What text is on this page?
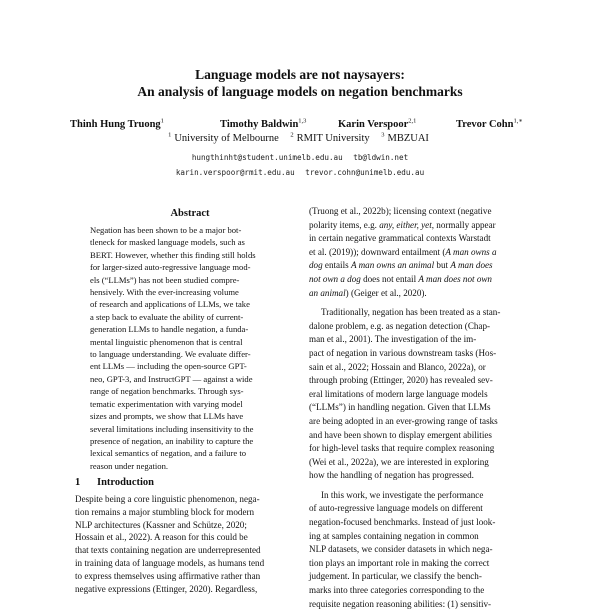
Language models are not naysayers:
An analysis of language models on negation benchmarks
Thinh Hung Truong$^1$	Timothy Baldwin$^{1,3}$	Karin Verspoor$^{2,1}$	Trevor Cohn$^{1,∗}$
$^1$ University of Melbourne $^2$ RMIT University $^3$ MBZUAI
hungthinht@student.unimelb.edu.au tb@ldwin.net
karin.verspoor@rmit.edu.au trevor.cohn@unimelb.edu.au
Abstract
Negation has been shown to be a major bot-
tleneck for masked language models, such as
BERT. However, whether this finding still holds
for larger-sized auto-regressive language mod-
els (“LLMs”) has not been studied compre-
hensively. With the ever-increasing volume
of research and applications of LLMs, we take
a step back to evaluate the ability of current-
generation LLMs to handle negation, a funda-
mental linguistic phenomenon that is central
to language understanding. We evaluate differ-
ent LLMs — including the open-source GPT-
neo, GPT-3, and InstructGPT — against a wide
range of negation benchmarks. Through sys-
tematic experimentation with varying model
sizes and prompts, we show that LLMs have
several limitations including insensitivity to the
presence of negation, an inability to capture the
lexical semantics of negation, and a failure to
reason under negation.
1 Introduction
Despite being a core linguistic phenomenon, nega-
tion remains a major stumbling block for modern
NLP architectures (Kassner and Schütze, 2020;
Hossain et al., 2022). A reason for this could be
that texts containing negation are underrepresented
in training data of language models, as humans tend
to express themselves using affirmative rather than
negative expressions (Ettinger, 2020). Regardless,
(Truong et al., 2022b); licensing context (negative
polarity items, e.g. any, either, yet, normally appear
in certain negative grammatical contexts Warstadt
et al. (2019)); downward entailment (A man owns a
dog entails A man owns an animal but A man does
not own a dog does not entail A man does not own
an animal) (Geiger et al., 2020).
Traditionally, negation has been treated as a stan-
dalone problem, e.g. as negation detection (Chap-
man et al., 2001). The investigation of the im-
pact of negation in various downstream tasks (Hos-
sain et al., 2022; Hossain and Blanco, 2022a), or
through probing (Ettinger, 2020) has revealed sev-
eral limitations of modern large language models
(“LLMs”) in handling negation. Given that LLMs
are being adopted in an ever-growing range of tasks
and have been shown to display emergent abilities
for high-level tasks that require complex reasoning
(Wei et al., 2022a), we are interested in exploring
how the handling of negation has progressed.
In this work, we investigate the performance
of auto-regressive language models on different
negation-focused benchmarks. Instead of just look-
ing at samples containing negation in common
NLP datasets, we consider datasets in which nega-
tion plays an important role in making the correct
judgement. In particular, we classify the bench-
marks into three categories corresponding to the
requisite negation reasoning abilities: (1) sensitiv-
